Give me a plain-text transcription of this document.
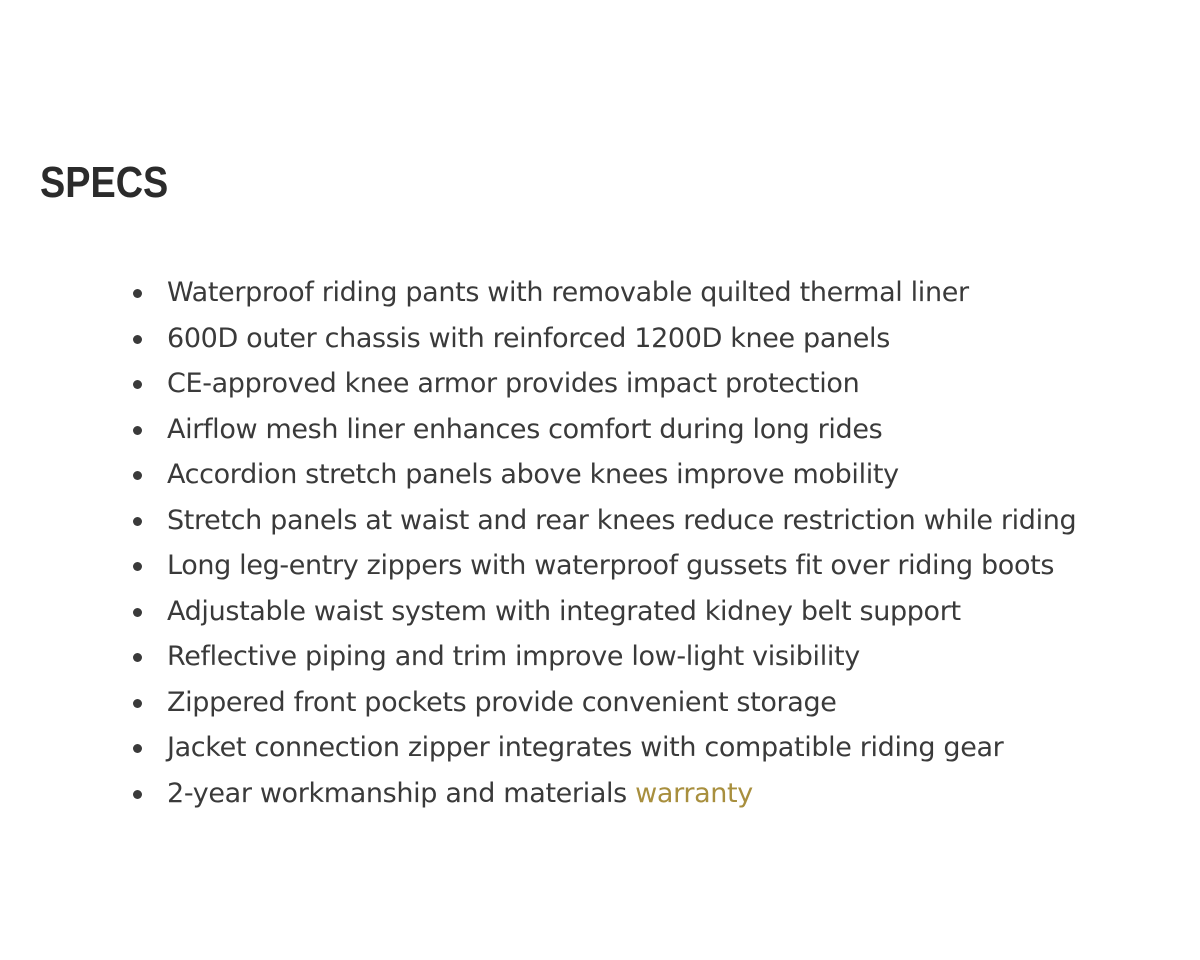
SPECS
Waterproof riding pants with removable quilted thermal liner
600D outer chassis with reinforced 1200D knee panels
CE-approved knee armor provides impact protection
Airflow mesh liner enhances comfort during long rides
Accordion stretch panels above knees improve mobility
Stretch panels at waist and rear knees reduce restriction while riding
Long leg-entry zippers with waterproof gussets fit over riding boots
Adjustable waist system with integrated kidney belt support
Reflective piping and trim improve low-light visibility
Zippered front pockets provide convenient storage
Jacket connection zipper integrates with compatible riding gear
2-year workmanship and materials warranty
